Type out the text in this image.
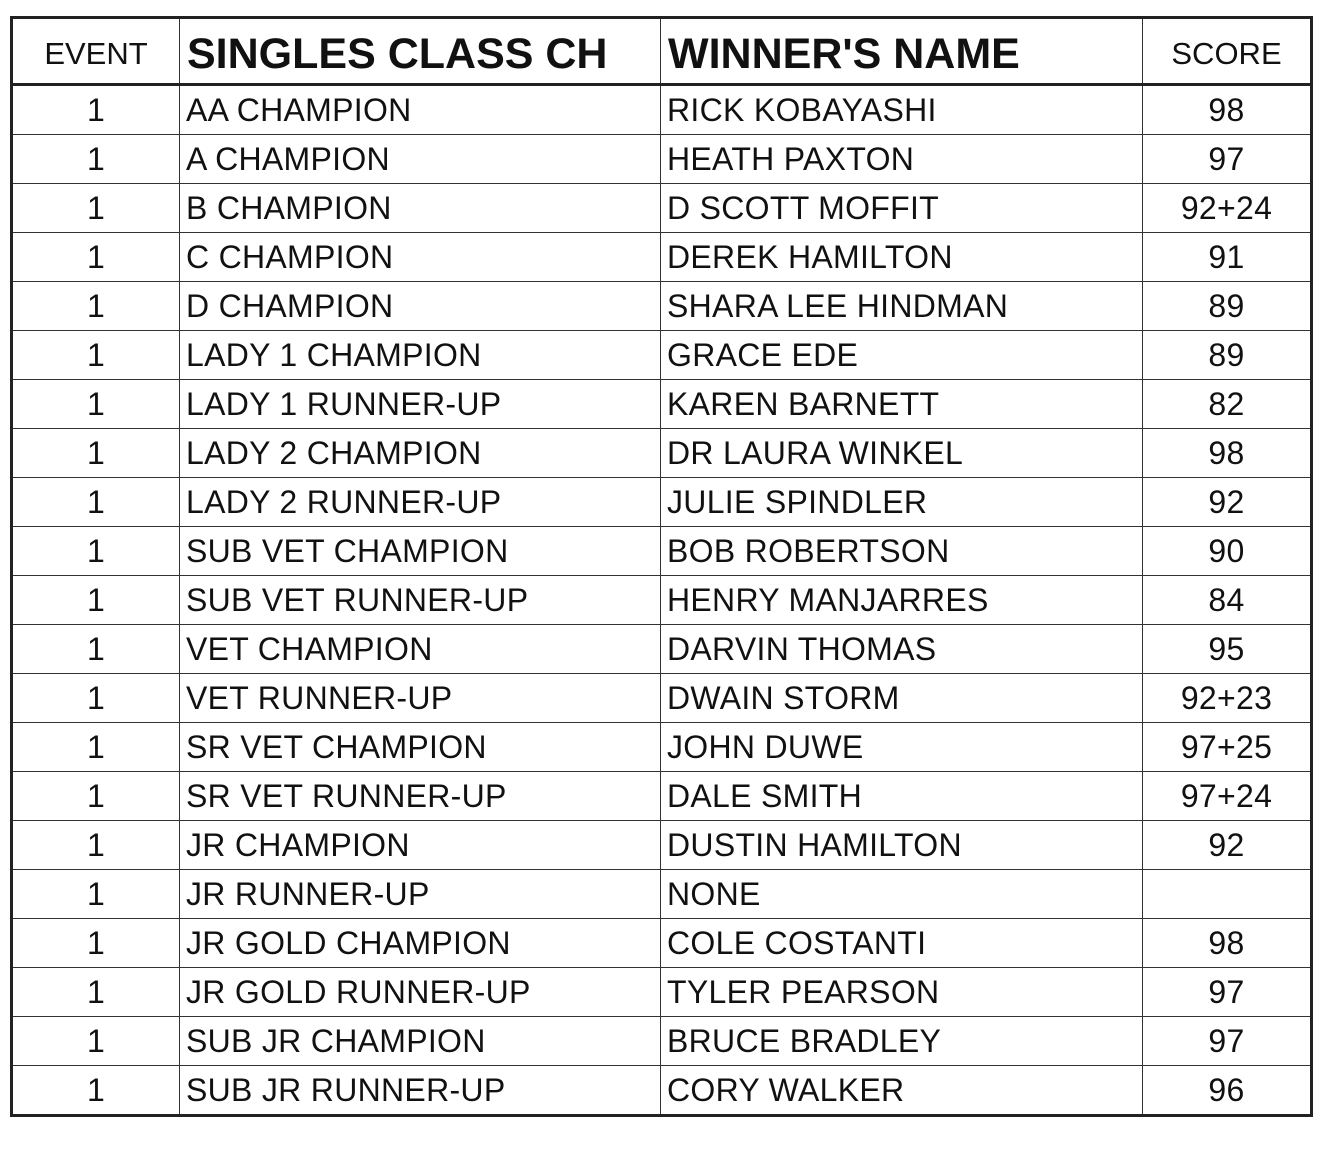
EVENT	SINGLES CLASS CH	WINNER'S NAME	SCORE
1	AA CHAMPION	RICK KOBAYASHI	98
1	A CHAMPION	HEATH PAXTON	97
1	B CHAMPION	D SCOTT MOFFIT	92+24
1	C CHAMPION	DEREK HAMILTON	91
1	D CHAMPION	SHARA LEE HINDMAN	89
1	LADY 1 CHAMPION	GRACE EDE	89
1	LADY 1 RUNNER-UP	KAREN BARNETT	82
1	LADY 2 CHAMPION	DR LAURA WINKEL	98
1	LADY 2 RUNNER-UP	JULIE SPINDLER	92
1	SUB VET CHAMPION	BOB ROBERTSON	90
1	SUB VET RUNNER-UP	HENRY MANJARRES	84
1	VET CHAMPION	DARVIN THOMAS	95
1	VET RUNNER-UP	DWAIN STORM	92+23
1	SR VET CHAMPION	JOHN DUWE	97+25
1	SR VET RUNNER-UP	DALE SMITH	97+24
1	JR CHAMPION	DUSTIN HAMILTON	92
1	JR RUNNER-UP	NONE	
1	JR GOLD CHAMPION	COLE COSTANTI	98
1	JR GOLD RUNNER-UP	TYLER PEARSON	97
1	SUB JR CHAMPION	BRUCE BRADLEY	97
1	SUB JR RUNNER-UP	CORY WALKER	96
